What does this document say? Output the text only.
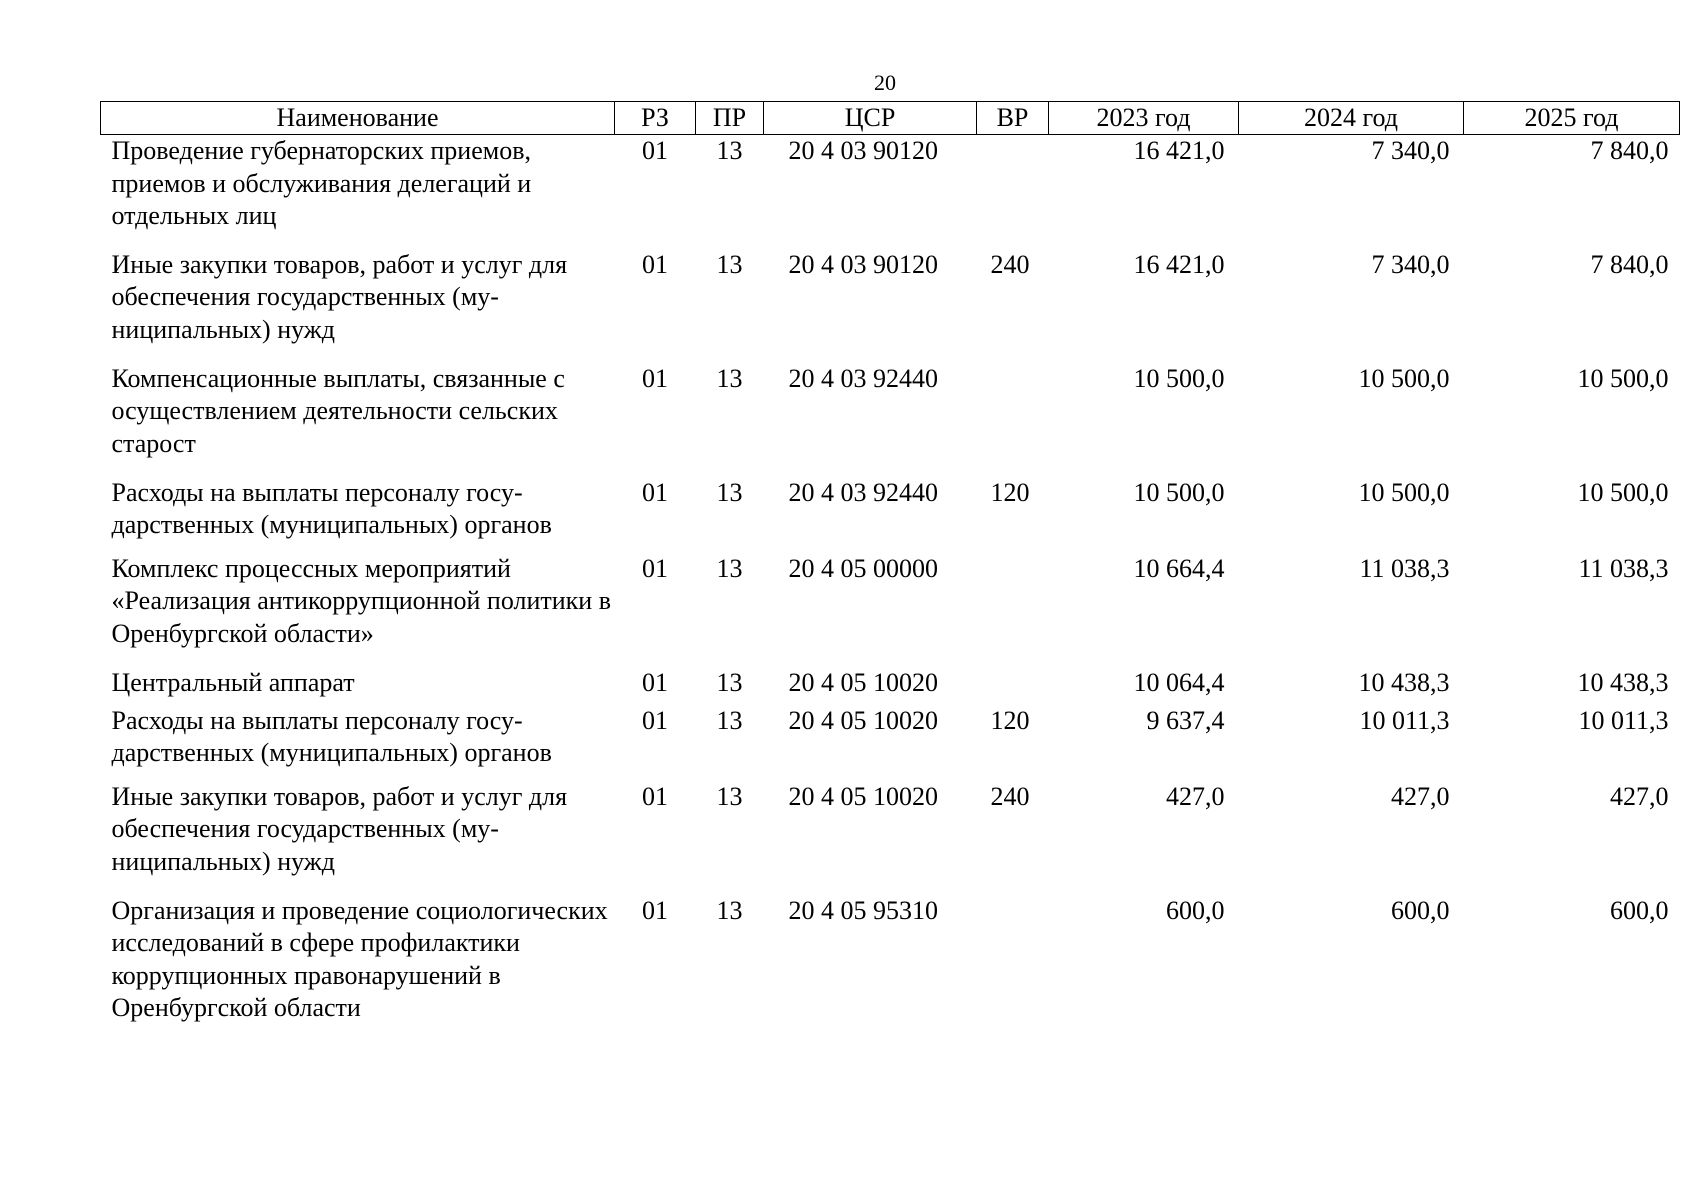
20
Наименование	РЗ	ПР	ЦСР	ВР	2023 год	2024 год	2025 год
Проведение губернаторских приемов, приемов и обслуживания делегаций и отдельных лиц	01	13	20 4 03 90120		16 421,0	7 340,0	7 840,0
Иные закупки товаров, работ и услуг для обеспечения государственных (муниципальных) нужд	01	13	20 4 03 90120	240	16 421,0	7 340,0	7 840,0
Компенсационные выплаты, связанные с осуществлением деятельности сельских старост	01	13	20 4 03 92440		10 500,0	10 500,0	10 500,0
Расходы на выплаты персоналу государственных (муниципальных) органов	01	13	20 4 03 92440	120	10 500,0	10 500,0	10 500,0
Комплекс процессных мероприятий «Реализация антикоррупционной политики в Оренбургской области»	01	13	20 4 05 00000		10 664,4	11 038,3	11 038,3
Центральный аппарат	01	13	20 4 05 10020		10 064,4	10 438,3	10 438,3
Расходы на выплаты персоналу государственных (муниципальных) органов	01	13	20 4 05 10020	120	9 637,4	10 011,3	10 011,3
Иные закупки товаров, работ и услуг для обеспечения государственных (муниципальных) нужд	01	13	20 4 05 10020	240	427,0	427,0	427,0
Организация и проведение социологических исследований в сфере профилактики коррупционных правонарушений в Оренбургской области	01	13	20 4 05 95310		600,0	600,0	600,0
